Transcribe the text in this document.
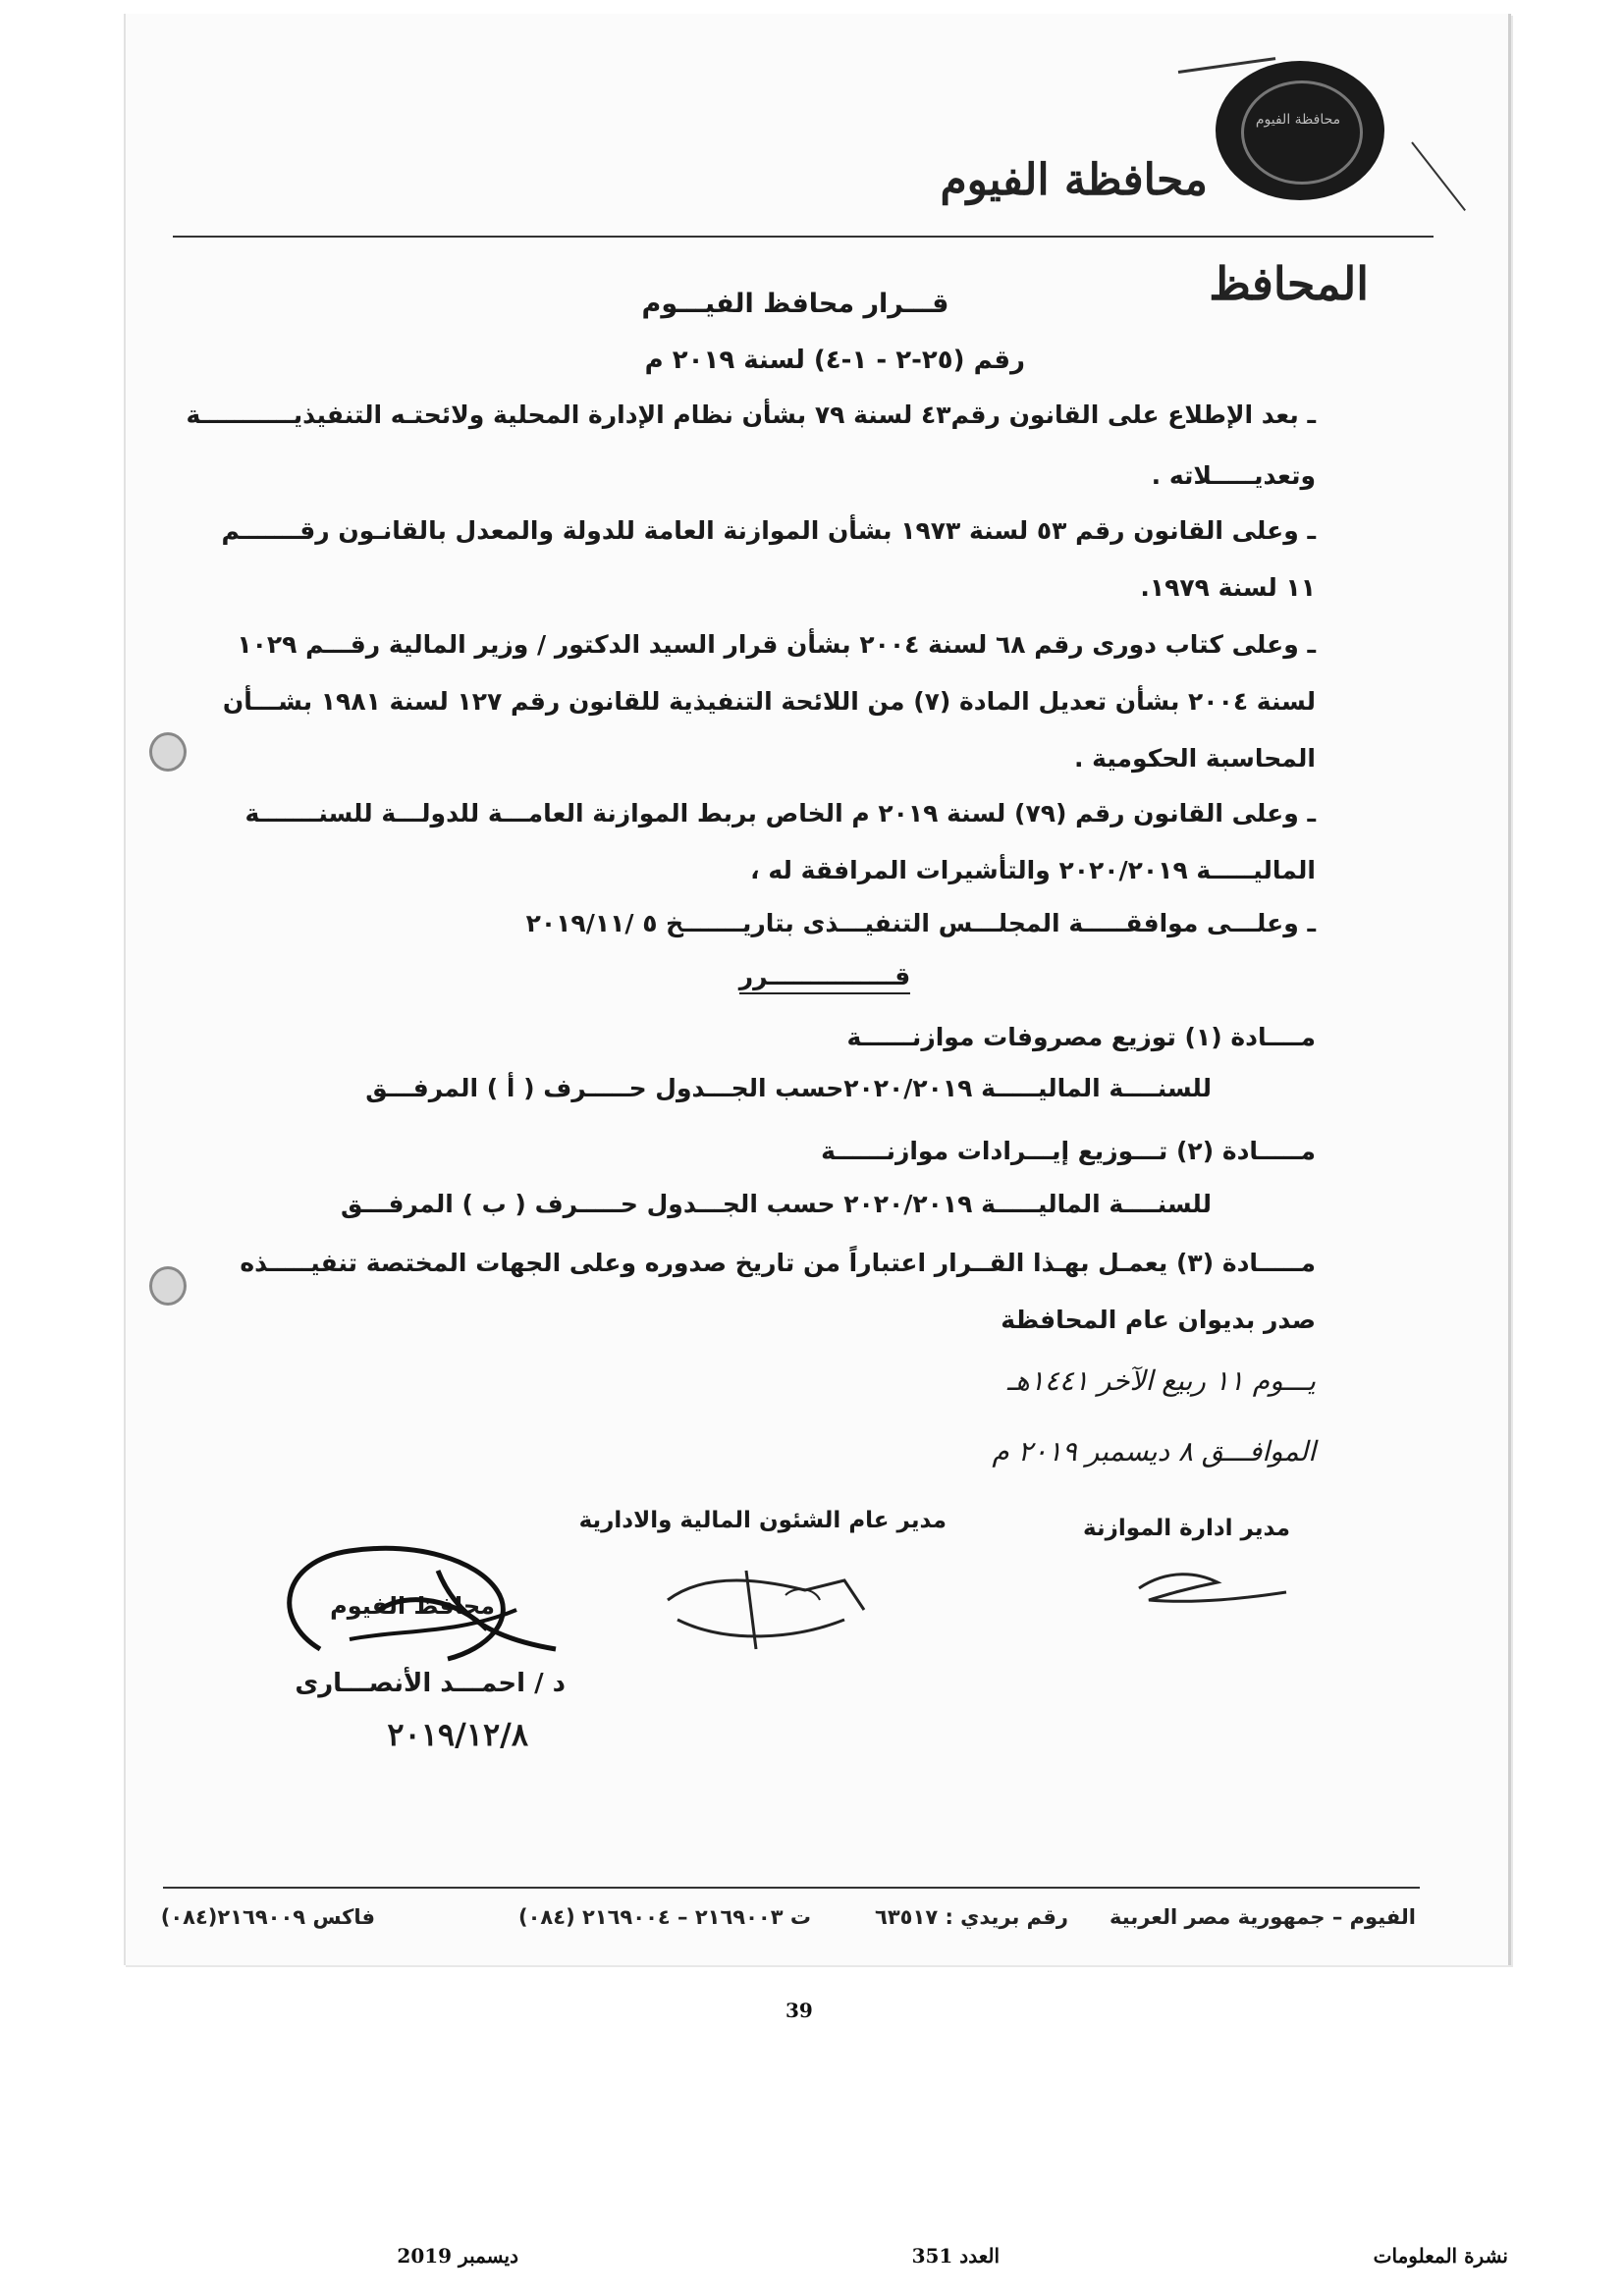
محافظة الفيوم
محافظة الفيوم
المحافظ
قـــرار محافظ الفيـــوم
رقم (٢٥-٢ - ١-٤) لسنة ٢٠١٩ م
ـ بعد الإطلاع على القانون رقم٤٣ لسنة ٧٩ بشأن نظام الإدارة المحلية ولائحتـه التنفيذيـــــــــــة
وتعديـــــلاته .
ـ وعلى القانون رقم ٥٣ لسنة ١٩٧٣ بشأن الموازنة العامة للدولة والمعدل بالقانـون رقـــــــم
١١ لسنة ١٩٧٩.
ـ وعلى كتاب دورى رقم ٦٨ لسنة ٢٠٠٤ بشأن قرار السيد الدكتور / وزير المالية رقـــم ١٠٢٩
لسنة ٢٠٠٤ بشأن تعديل المادة (٧) من اللائحة التنفيذية للقانون رقم ١٢٧ لسنة ١٩٨١ بشـــأن
المحاسبة الحكومية .
ـ وعلى القانون رقم (٧٩) لسنة ٢٠١٩ م الخاص بربط الموازنة العامـــة للدولـــة للسنـــــــة
الماليـــــة ٢٠٢٠/٢٠١٩ والتأشيرات المرافقة له ،
ـ وعلـــى موافقـــــة المجلـــس التنفيـــذى بتاريـــــــخ ٥ /٢٠١٩/١١
قـــــــــــــــرر
مــــادة (١) توزيع مصروفات موازنــــــة
للسنــــة الماليـــــة ٢٠٢٠/٢٠١٩حسب الجـــدول حـــــرف ( أ ) المرفـــق
مـــــادة (٢) تـــوزيع إيـــرادات موازنــــــة
للسنــــة الماليـــــة ٢٠٢٠/٢٠١٩ حسب الجـــدول حـــــرف ( ب ) المرفـــق
مـــــادة (٣) يعمـل بهـذا القــرار اعتباراً من تاريخ صدوره وعلى الجهات المختصة تنفيـــــذه
صدر بديوان عام المحافظة
يـــوم ١١ ربيع الآخر ١٤٤١هـ
الموافـــق ٨ ديسمبر ٢٠١٩ م
مدير ادارة الموازنة
مدير عام الشئون المالية والادارية
محافظ الفيوم
د / احمـــد الأنصـــارى
٢٠١٩/١٢/٨
الفيوم – جمهورية مصر العربية
رقم بريدي : ٦٣٥١٧
ت ٢١٦٩٠٠٣ – ٢١٦٩٠٠٤ (٠٨٤)
فاكس ٢١٦٩٠٠٩(٠٨٤)
39
نشرة المعلومات
العدد 351
ديسمبر 2019
